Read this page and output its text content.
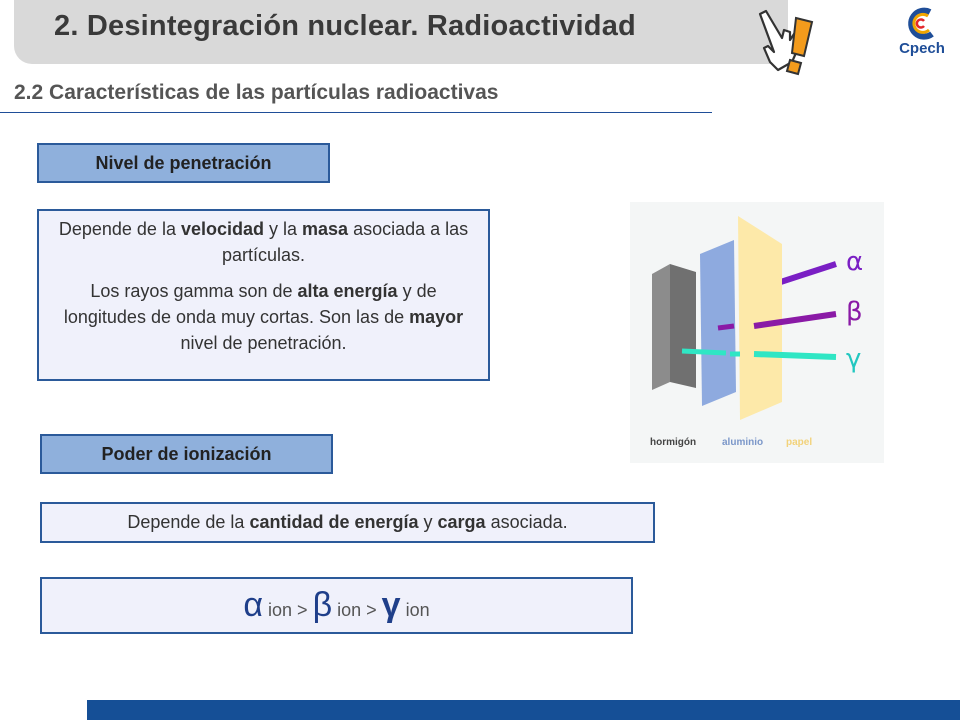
2. Desintegración nuclear. Radioactividad
Cpech
2.2 Características de las partículas radioactivas
Nivel de penetración

Depende de la velocidad y la masa asociada a las partículas.

Los rayos gamma son de alta energía y de longitudes de onda muy cortas. Son las de mayor nivel de penetración.

α
β
γ
hormigón	aluminio papel
Poder de ionización
Depende de la cantidad de energía y carga asociada.
α ion > β ion > γ ion
